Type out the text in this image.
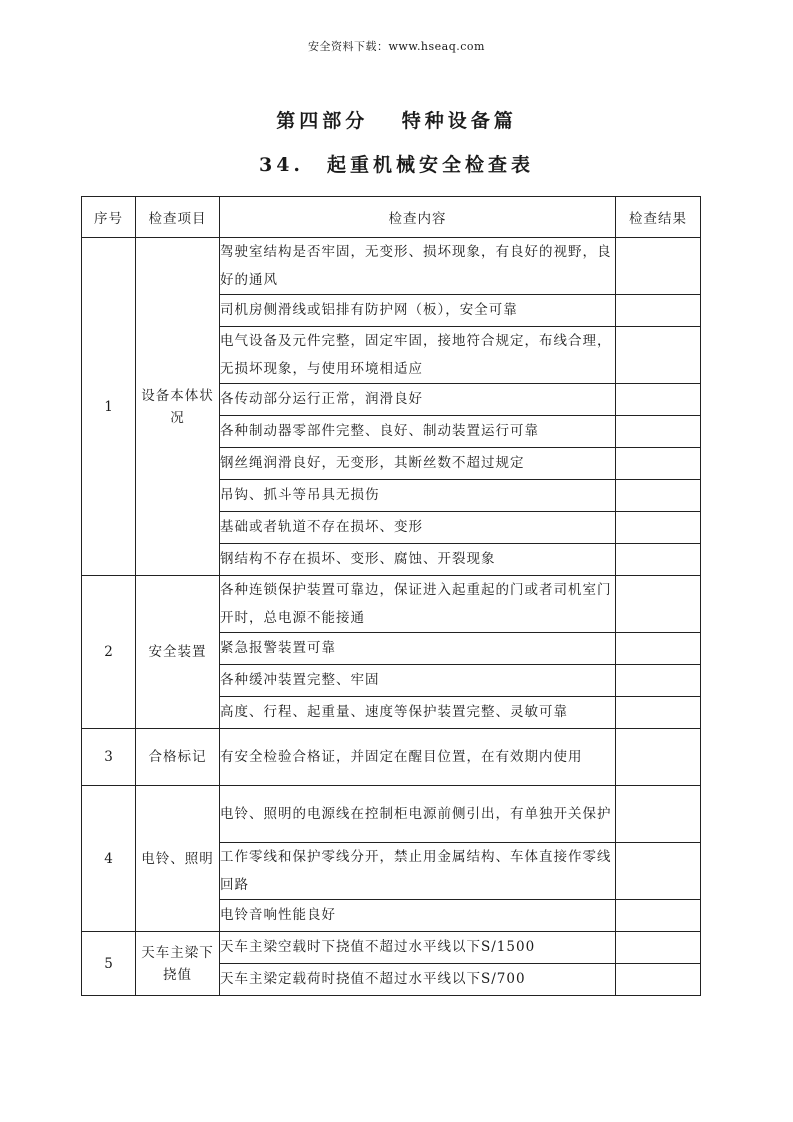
安全资料下载：www.hseaq.com
第四部分　 特种设备篇
34.　起重机械安全检查表
序号	检查项目	检查内容	检查结果
1	设备本体状况	驾驶室结构是否牢固，无变形、损坏现象，有良好的视野，良好的通风	
		司机房侧滑线或铝排有防护网（板），安全可靠	
		电气设备及元件完整，固定牢固，接地符合规定，布线合理，无损坏现象，与使用环境相适应	
		各传动部分运行正常，润滑良好	
		各种制动器零部件完整、良好、制动装置运行可靠	
		钢丝绳润滑良好，无变形，其断丝数不超过规定	
		吊钩、抓斗等吊具无损伤	
		基础或者轨道不存在损坏、变形	
		钢结构不存在损坏、变形、腐蚀、开裂现象	
2	安全装置	各种连锁保护装置可靠边，保证进入起重起的门或者司机室门开时，总电源不能接通	
		紧急报警装置可靠	
		各种缓冲装置完整、牢固	
		高度、行程、起重量、速度等保护装置完整、灵敏可靠	
3	合格标记	有安全检验合格证，并固定在醒目位置，在有效期内使用	
4	电铃、照明	电铃、照明的电源线在控制柜电源前侧引出，有单独开关保护	
		工作零线和保护零线分开，禁止用金属结构、车体直接作零线回路	
		电铃音响性能良好	
5	天车主梁下挠值	天车主梁空载时下挠值不超过水平线以下S/1500	
		天车主梁定载荷时挠值不超过水平线以下S/700	
